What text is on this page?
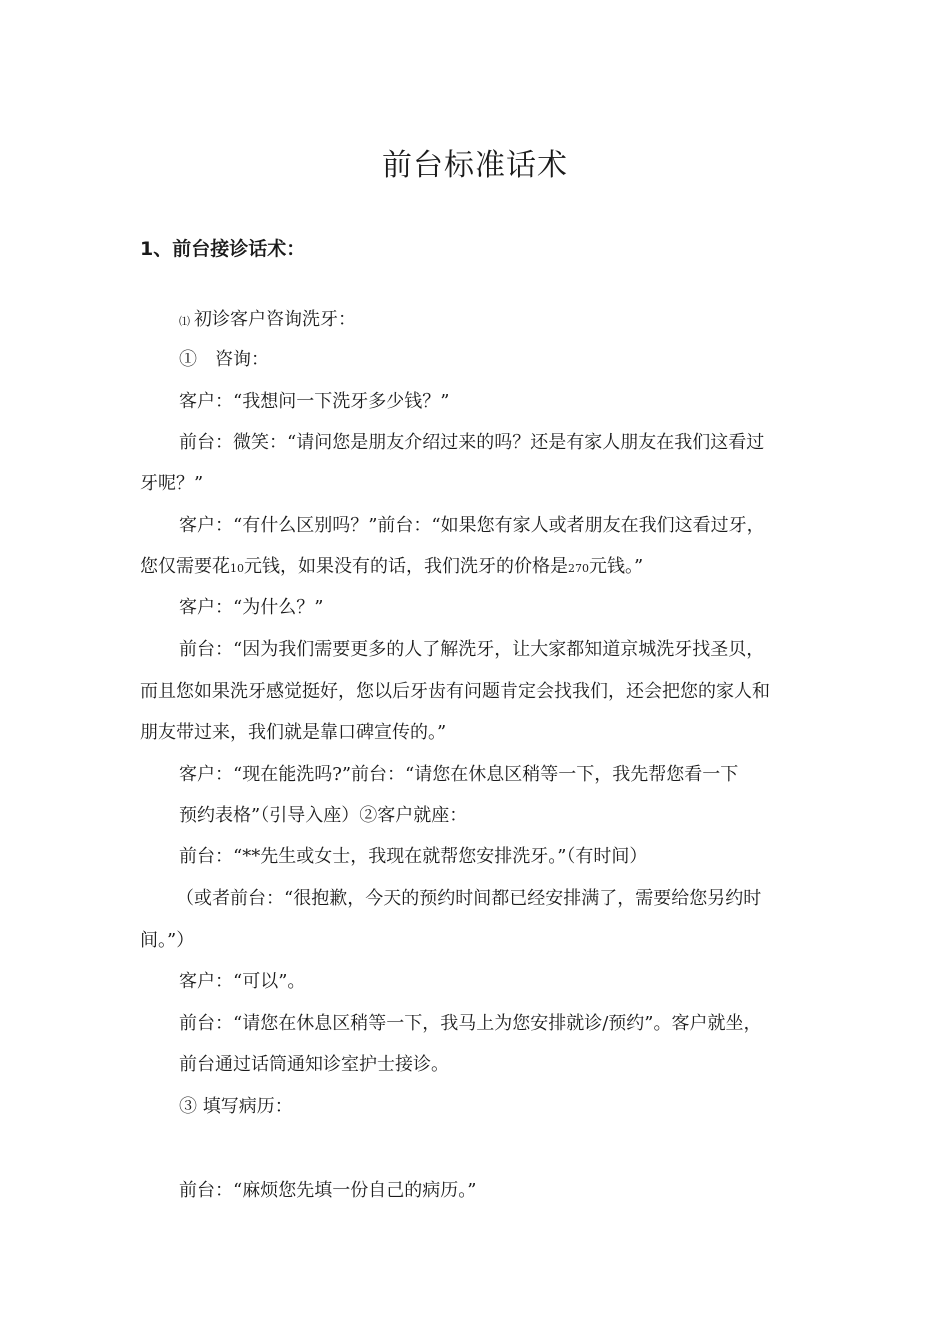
前台标准话术
1、前台接诊话术：
⑴ 初诊客户咨询洗牙：
①　咨询：
客户：“我想问一下洗牙多少钱？”
前台：微笑：“请问您是朋友介绍过来的吗？还是有家人朋友在我们这看过
牙呢？”
客户：“有什么区别吗？”前台：“如果您有家人或者朋友在我们这看过牙，
您仅需要花10元钱，如果没有的话，我们洗牙的价格是270元钱。”
客户：“为什么？”
前台：“因为我们需要更多的人了解洗牙，让大家都知道京城洗牙找圣贝，
而且您如果洗牙感觉挺好，您以后牙齿有问题肯定会找我们，还会把您的家人和
朋友带过来，我们就是靠口碑宣传的。”
客户：“现在能洗吗?”前台：“请您在休息区稍等一下，我先帮您看一下
预约表格”（引导入座）②客户就座：
前台：“**先生或女士，我现在就帮您安排洗牙。”（有时间）
（或者前台：“很抱歉，今天的预约时间都已经安排满了，需要给您另约时
间。”）
客户：“可以”。
前台：“请您在休息区稍等一下，我马上为您安排就诊/预约”。客户就坐，
前台通过话筒通知诊室护士接诊。
③ 填写病历：
前台：“麻烦您先填一份自己的病历。”
